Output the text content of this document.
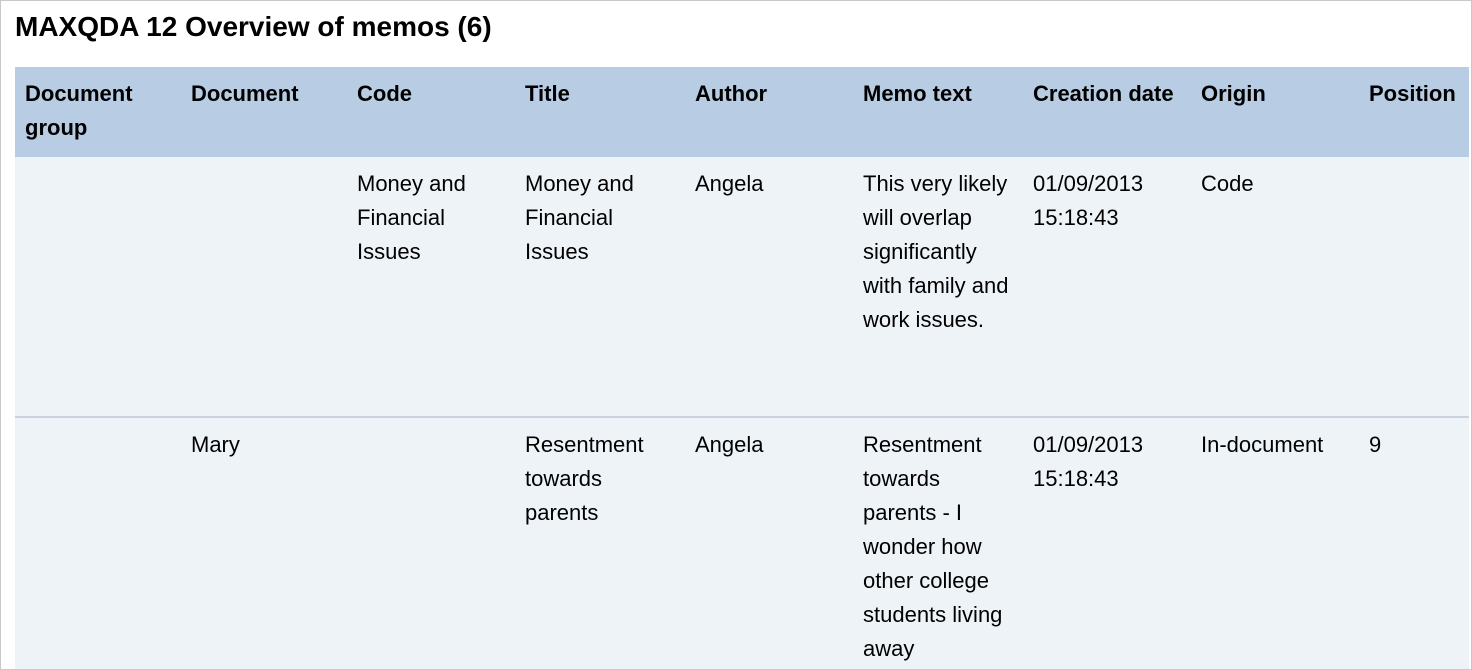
MAXQDA 12 Overview of memos (6)
Document group	Document	Code	Title	Author	Memo text	Creation date	Origin	Position
		Money and Financial Issues	Money and Financial Issues	Angela	This very likely will overlap significantly with family and work issues.	01/09/2013 15:18:43	Code	
	Mary		Resentment towards parents	Angela	Resentment towards parents - I wonder how other college students living away	01/09/2013 15:18:43	In-document	9
